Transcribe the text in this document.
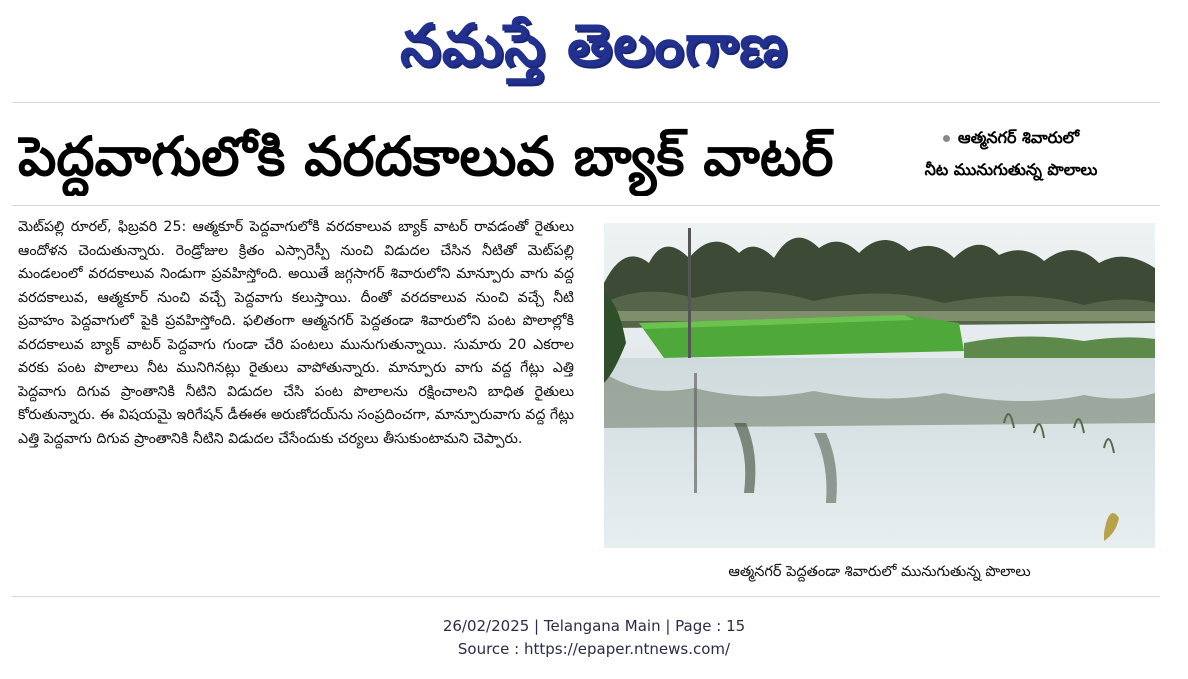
నమస్తే తెలంగాణ
పెద్దవాగులోకి వరదకాలువ బ్యాక్ వాటర్	ఆత్మనగర్ శివారులో
నీట మునుగుతున్న పొలాలు
మెట్‌పల్లి రూరల్, ఫిబ్రవరి 25: ఆత్మకూర్ పెద్దవాగులోకి వరదకాలువ బ్యాక్ వాటర్ రావడంతో రైతులు ఆందోళన చెందుతున్నారు. రెండ్రోజుల క్రితం ఎస్సారెస్పీ నుంచి విడుదల చేసిన నీటితో మెట్‌పల్లి మండలంలో వరదకాలువ నిండుగా ప్రవహిస్తోంది. అయితే జగ్గసాగర్ శివారులోని మాన్పూరు వాగు వద్ద వరదకాలువ, ఆత్మకూర్ నుంచి వచ్చే పెద్దవాగు కలుస్తాయి. దీంతో వరదకాలువ నుంచి వచ్చే నీటి ప్రవాహం పెద్దవాగులో పైకి ప్రవహిస్తోంది. ఫలితంగా ఆత్మనగర్ పెద్దతండా శివారులోని పంట పొలాల్లోకి వరదకాలువ బ్యాక్ వాటర్ పెద్దవాగు గుండా చేరి పంటలు మునుగుతున్నాయి. సుమారు 20 ఎకరాల వరకు పంట పొలాలు నీట మునిగినట్లు రైతులు వాపోతున్నారు. మాన్పూరు వాగు వద్ద గేట్లు ఎత్తి పెద్దవాగు దిగువ ప్రాంతానికి నీటిని విడుదల చేసి పంట పొలాలను రక్షించాలని బాధిత రైతులు కోరుతున్నారు. ఈ విషయమై ఇరిగేషన్ డీఈఈ అరుణోదయ్‌ను సంప్రదించగా, మాన్పూరువాగు వద్ద గేట్లు ఎత్తి పెద్దవాగు దిగువ ప్రాంతానికి నీటిని విడుదల చేసేందుకు చర్యలు తీసుకుంటామని చెప్పారు.
ఆత్మనగర్ పెద్దతండా శివారులో మునుగుతున్న పొలాలు
26/02/2025 | Telangana Main | Page : 15
Source : https://epaper.ntnews.com/
